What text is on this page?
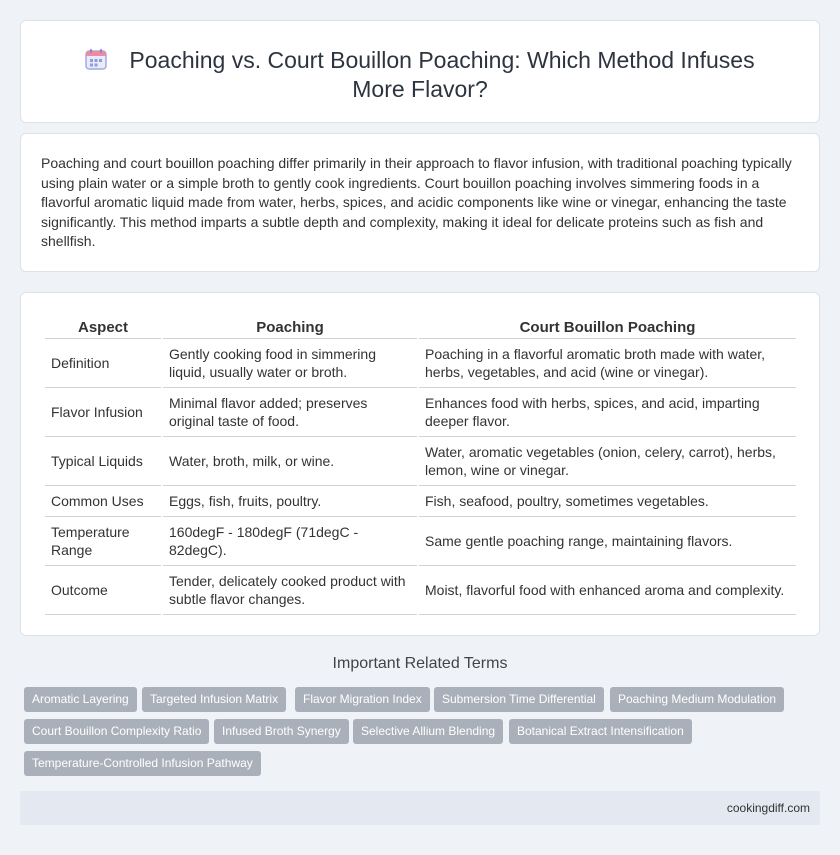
Poaching vs. Court Bouillon Poaching: Which Method Infuses More Flavor?

Poaching and court bouillon poaching differ primarily in their approach to flavor infusion, with traditional poaching typically using plain water or a simple broth to gently cook ingredients. Court bouillon poaching involves simmering foods in a flavorful aromatic liquid made from water, herbs, spices, and acidic components like wine or vinegar, enhancing the taste significantly. This method imparts a subtle depth and complexity, making it ideal for delicate proteins such as fish and shellfish.

Aspect	Poaching	Court Bouillon Poaching
Definition	Gently cooking food in simmering liquid, usually water or broth.	Poaching in a flavorful aromatic broth made with water, herbs, vegetables, and acid (wine or vinegar).
Flavor Infusion	Minimal flavor added; preserves original taste of food.	Enhances food with herbs, spices, and acid, imparting deeper flavor.
Typical Liquids	Water, broth, milk, or wine.	Water, aromatic vegetables (onion, celery, carrot), herbs, lemon, wine or vinegar.
Common Uses	Eggs, fish, fruits, poultry.	Fish, seafood, poultry, sometimes vegetables.
Temperature Range	160degF - 180degF (71degC - 82degC).	Same gentle poaching range, maintaining flavors.
Outcome	Tender, delicately cooked product with subtle flavor changes.	Moist, flavorful food with enhanced aroma and complexity.
Important Related Terms
Aromatic Layering	Targeted Infusion Matrix	Flavor Migration Index	Submersion Time Differential	Poaching Medium Modulation
Court Bouillon Complexity Ratio	Infused Broth Synergy	Selective Allium Blending	Botanical Extract Intensification
Temperature-Controlled Infusion Pathway
cookingdiff.com
